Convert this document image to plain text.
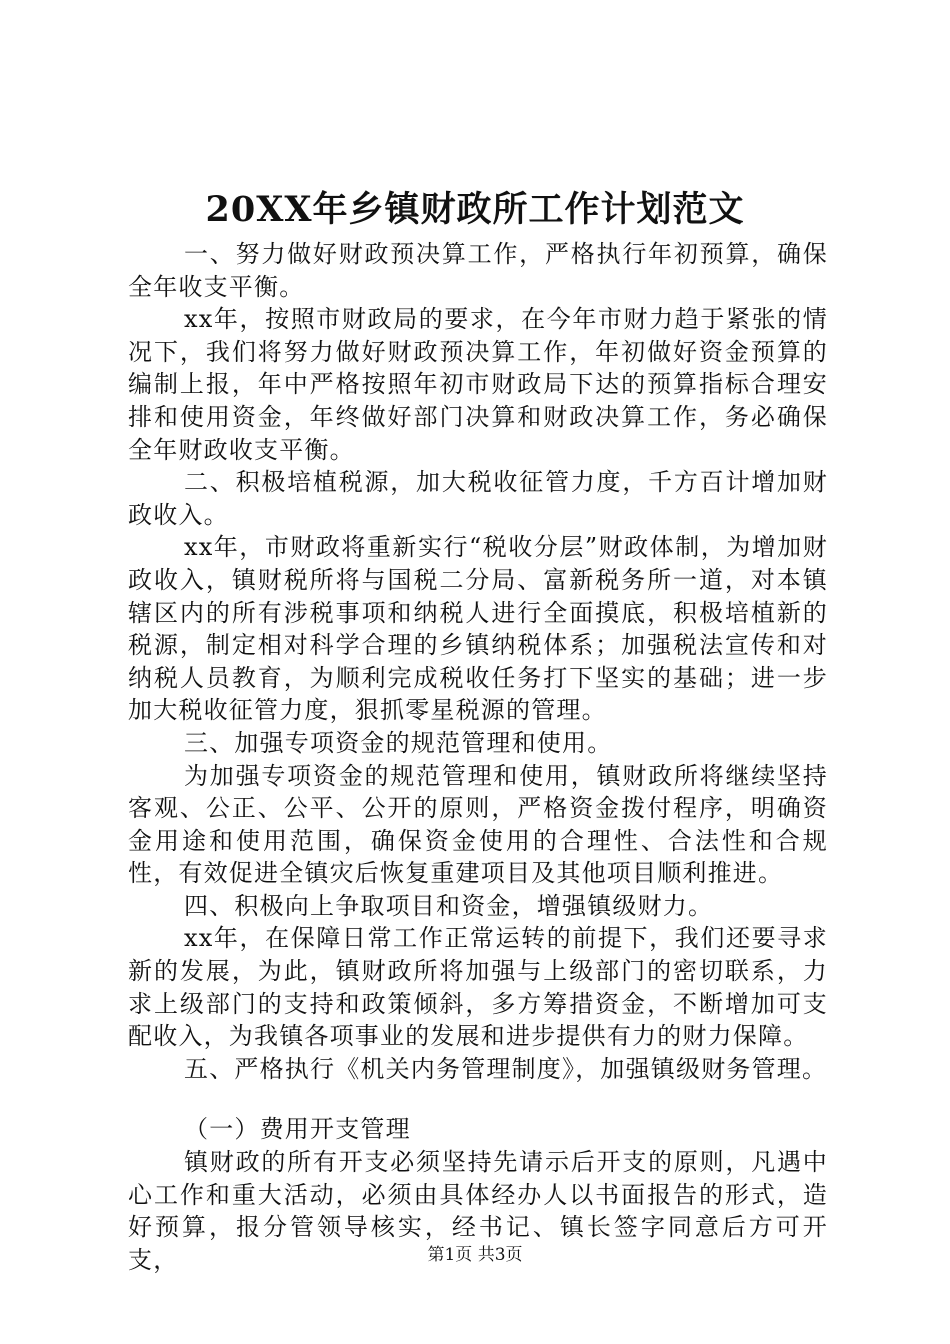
20XX年乡镇财政所工作计划范文

一、努力做好财政预决算工作，严格执行年初预算，确保全年收支平衡。

xx年，按照市财政局的要求，在今年市财力趋于紧张的情况下，我们将努力做好财政预决算工作，年初做好资金预算的编制上报，年中严格按照年初市财政局下达的预算指标合理安排和使用资金，年终做好部门决算和财政决算工作，务必确保全年财政收支平衡。

二、积极培植税源，加大税收征管力度，千方百计增加财政收入。

xx年，市财政将重新实行“税收分层”财政体制，为增加财政收入，镇财税所将与国税二分局、富新税务所一道，对本镇辖区内的所有涉税事项和纳税人进行全面摸底，积极培植新的税源，制定相对科学合理的乡镇纳税体系；加强税法宣传和对纳税人员教育，为顺利完成税收任务打下坚实的基础；进一步加大税收征管力度，狠抓零星税源的管理。

三、加强专项资金的规范管理和使用。

为加强专项资金的规范管理和使用，镇财政所将继续坚持客观、公正、公平、公开的原则，严格资金拨付程序，明确资金用途和使用范围，确保资金使用的合理性、合法性和合规性，有效促进全镇灾后恢复重建项目及其他项目顺利推进。

四、积极向上争取项目和资金，增强镇级财力。

xx年，在保障日常工作正常运转的前提下，我们还要寻求新的发展，为此，镇财政所将加强与上级部门的密切联系，力求上级部门的支持和政策倾斜，多方筹措资金，不断增加可支配收入，为我镇各项事业的发展和进步提供有力的财力保障。

五、严格执行《机关内务管理制度》，加强镇级财务管理。

（一）费用开支管理

镇财政的所有开支必须坚持先请示后开支的原则，凡遇中心工作和重大活动，必须由具体经办人以书面报告的形式，造好预算，报分管领导核实，经书记、镇长签字同意后方可开支，	第1页 共3页
